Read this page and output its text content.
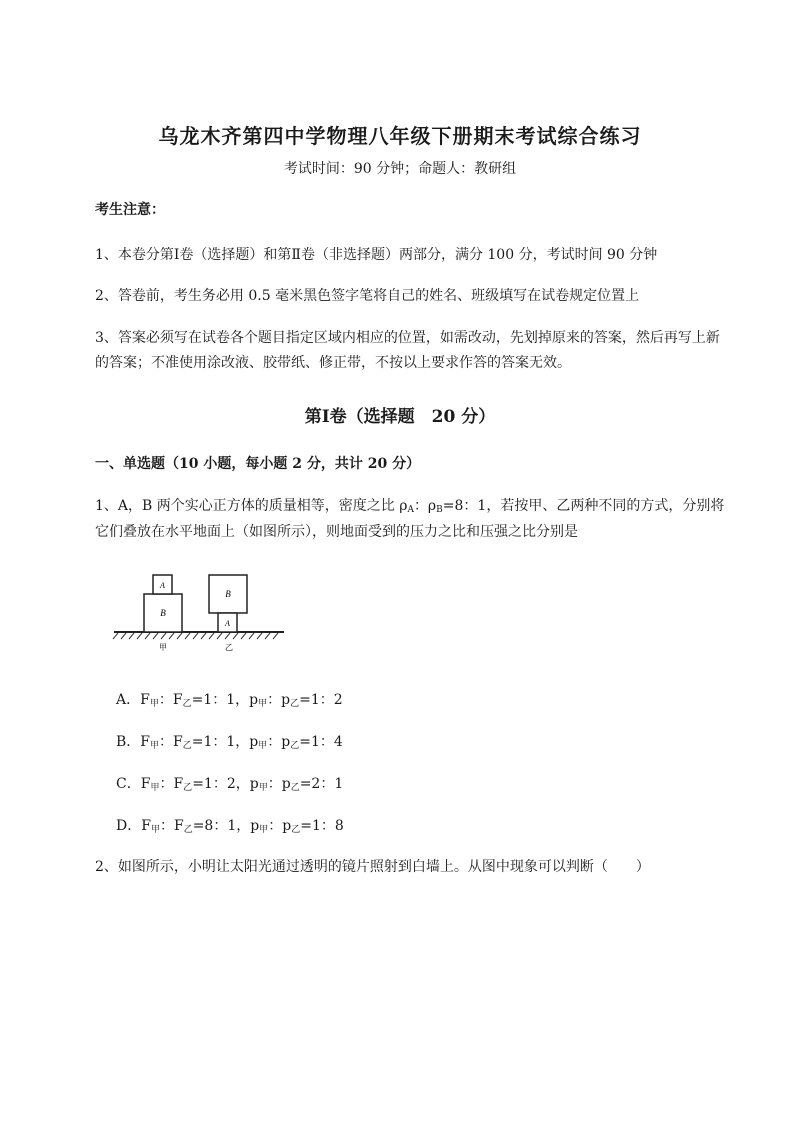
乌龙木齐第四中学物理八年级下册期末考试综合练习
考试时间：90 分钟；命题人：教研组
考生注意：
1、本卷分第Ⅰ卷（选择题）和第Ⅱ卷（非选择题）两部分，满分 100 分，考试时间 90 分钟
2、答卷前，考生务必用 0.5 毫米黑色签字笔将自己的姓名、班级填写在试卷规定位置上
3、答案必须写在试卷各个题目指定区域内相应的位置，如需改动，先划掉原来的答案，然后再写上新
的答案；不准使用涂改液、胶带纸、修正带，不按以上要求作答的答案无效。
第Ⅰ卷（选择题　20 分）
一、单选题（10 小题，每小题 2 分，共计 20 分）
1、A，B 两个实心正方体的质量相等，密度之比 $\rho_A$：$\rho_B=8$：1，若按甲、乙两种不同的方式，分别将
它们叠放在水平地面上（如图所示），则地面受到的压力之比和压强之比分别是
A
B
B
A
甲	乙
A．$F_甲$：$F_乙=1$：1，$p_甲$：$p_乙=1$：2
B．$F_甲$：$F_乙=1$：1，$p_甲$：$p_乙=1$：4
C．$F_甲$：$F_乙=1$：2，$p_甲$：$p_乙=2$：1
D．$F_甲$：$F_乙=8$：1，$p_甲$：$p_乙=1$：8
2、如图所示，小明让太阳光通过透明的镜片照射到白墙上。从图中现象可以判断（　　）
